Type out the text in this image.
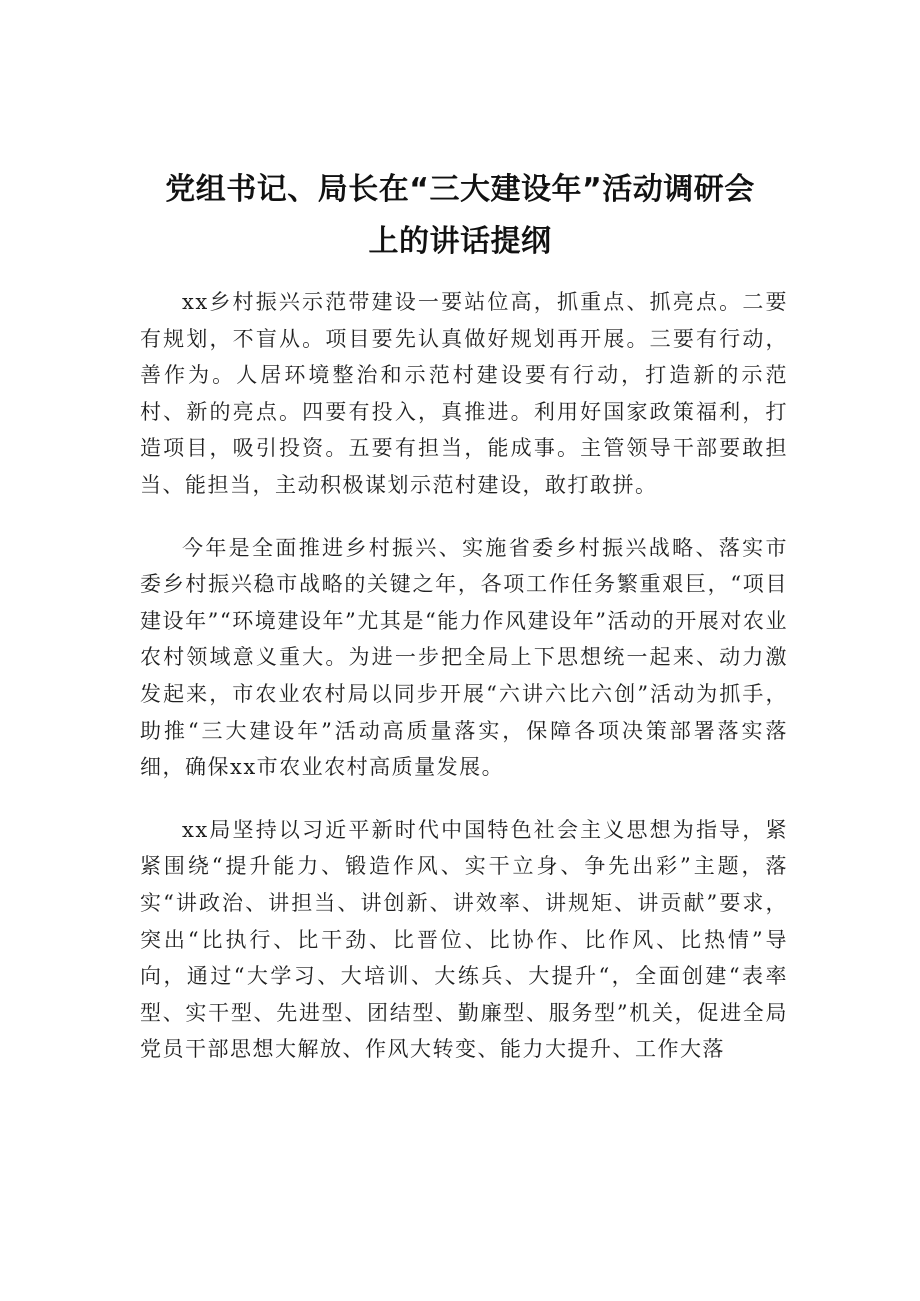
党组书记、局长在“三大建设年”活动调研会
上的讲话提纲

xx乡村振兴示范带建设一要站位高，抓重点、抓亮点。二要有规划，不盲从。项目要先认真做好规划再开展。三要有行动，善作为。人居环境整治和示范村建设要有行动，打造新的示范村、新的亮点。四要有投入，真推进。利用好国家政策福利，打造项目，吸引投资。五要有担当，能成事。主管领导干部要敢担当、能担当，主动积极谋划示范村建设，敢打敢拼。

今年是全面推进乡村振兴、实施省委乡村振兴战略、落实市委乡村振兴稳市战略的关键之年，各项工作任务繁重艰巨，“项目建设年”“环境建设年”尤其是“能力作风建设年”活动的开展对农业农村领域意义重大。为进一步把全局上下思想统一起来、动力激发起来，市农业农村局以同步开展“六讲六比六创”活动为抓手，助推“三大建设年”活动高质量落实，保障各项决策部署落实落细，确保xx市农业农村高质量发展。

xx局坚持以习近平新时代中国特色社会主义思想为指导，紧紧围绕“提升能力、锻造作风、实干立身、争先出彩”主题，落实“讲政治、讲担当、讲创新、讲效率、讲规矩、讲贡献”要求，突出“比执行、比干劲、比晋位、比协作、比作风、比热情”导向，通过“大学习、大培训、大练兵、大提升“，全面创建“表率型、实干型、先进型、团结型、勤廉型、服务型”机关，促进全局党员干部思想大解放、作风大转变、能力大提升、工作大落
